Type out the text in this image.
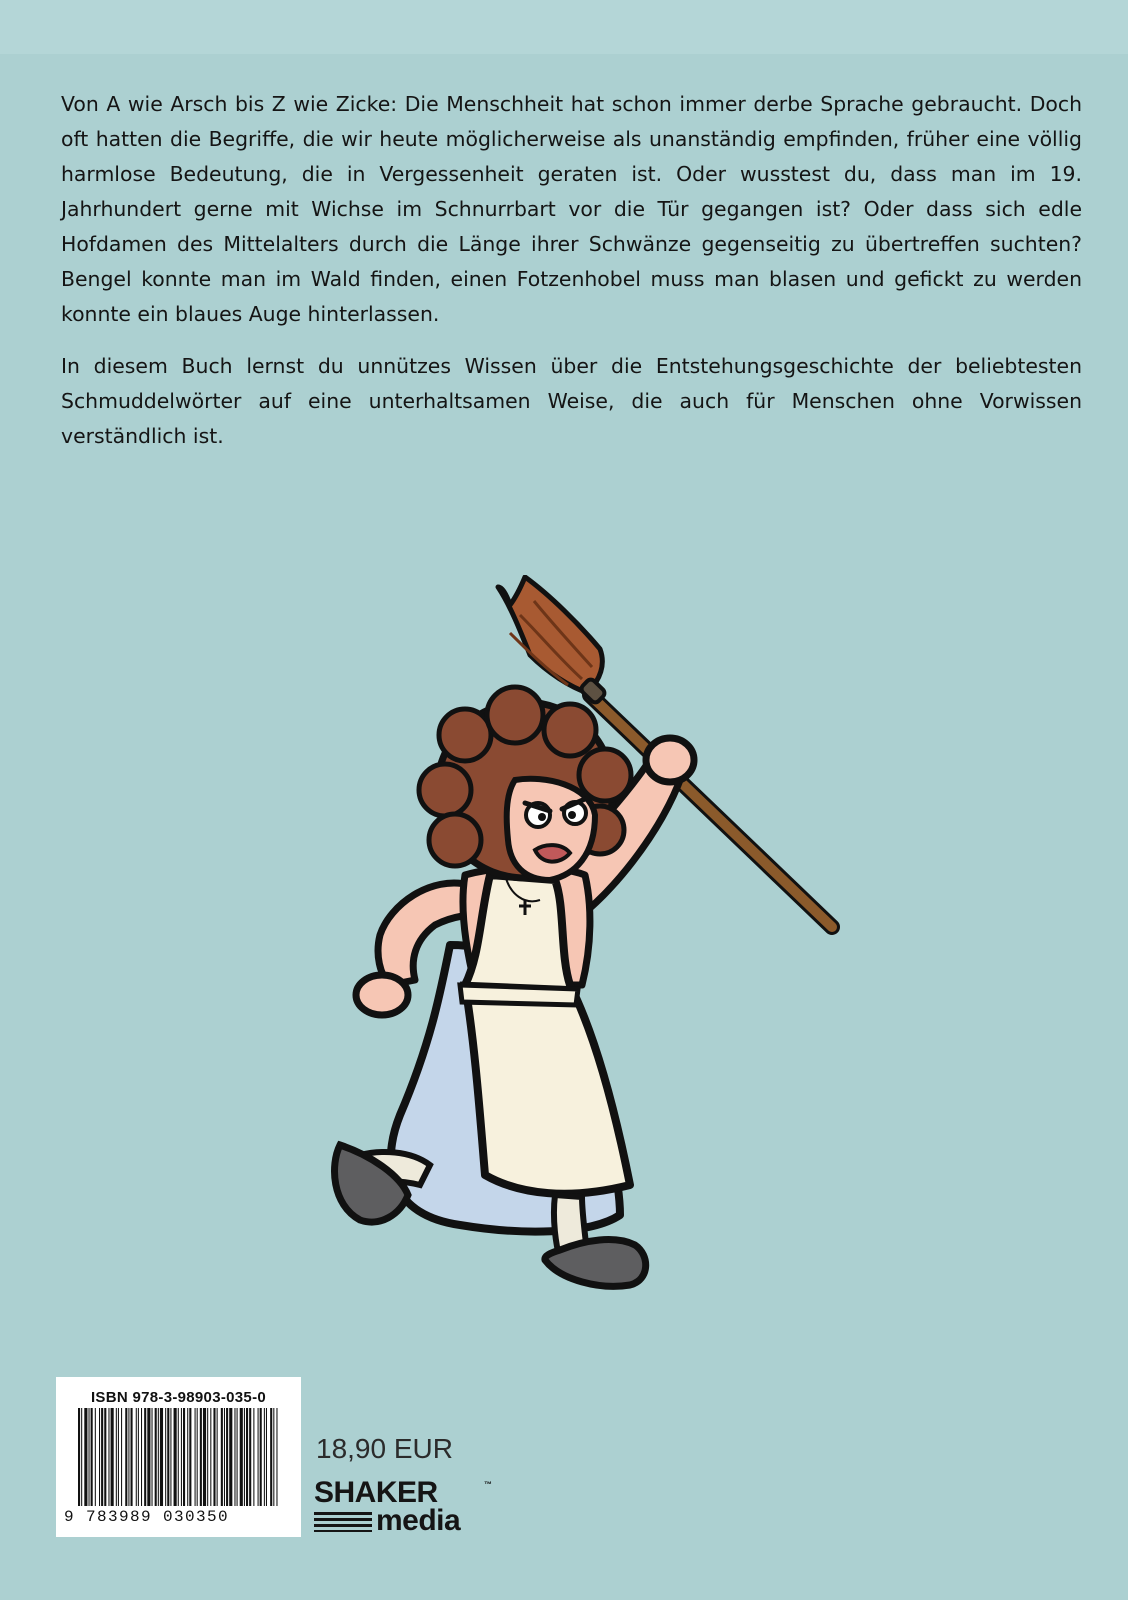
Von A wie Arsch bis Z wie Zicke: Die Menschheit hat schon immer derbe Sprache gebraucht. Doch oft hatten die Begriffe, die wir heute möglicherweise als unanständig empfinden, früher eine völlig harmlose Bedeutung, die in Vergessenheit geraten ist. Oder wusstest du, dass man im 19. Jahrhundert gerne mit Wichse im Schnurrbart vor die Tür gegangen ist? Oder dass sich edle Hofdamen des Mittelalters durch die Länge ihrer Schwänze gegenseitig zu übertreffen suchten? Bengel konnte man im Wald finden, einen Fotzenhobel muss man blasen und gefickt zu werden konnte ein blaues Auge hinterlassen.

In diesem Buch lernst du unnützes Wissen über die Entstehungsgeschichte der beliebtesten Schmuddelwörter auf eine unterhaltsamen Weise, die auch für Menschen ohne Vorwissen verständlich ist.

ISBN 978-3-98903-035-0
9 783989 030350
18,90 EUR
SHAKER	™
media
